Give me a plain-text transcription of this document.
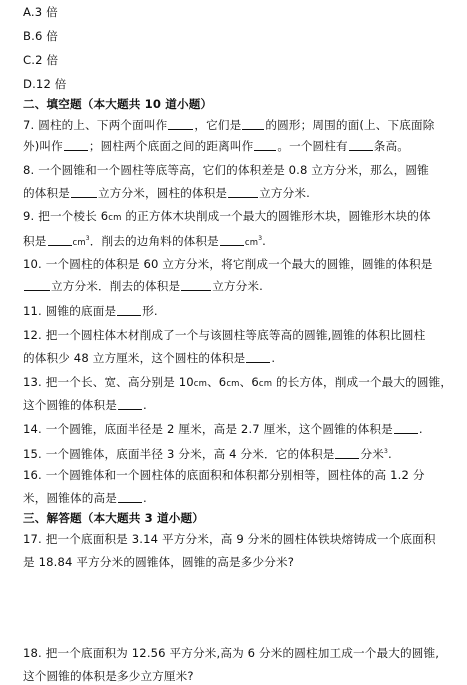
A.3 倍
B.6 倍
C.2 倍
D.12 倍
二、填空题（本大题共 10 道小题）
7. 圆柱的上、下两个面叫作 ，它们是 的圆形；周围的面(上、下底面除
外)叫作 ；圆柱两个底面之间的距离叫作 。一个圆柱有 条高。
8. 一个圆锥和一个圆柱等底等高，它们的体积差是 0.8 立方分米，那么，圆锥
的体积是 立方分米，圆柱的体积是	立方分米.
9. 把一个棱长 6cm 的正方体木块削成一个最大的圆锥形木块，圆锥形木块的体
积是	$cm^3$．削去的边角料的体积是	$cm^3$.
10. 一个圆柱的体积是 60 立方分米，将它削成一个最大的圆锥，圆锥的体积是
立方分米．削去的体积是	立方分米.
11. 圆锥的底面是 形.
12. 把一个圆柱体木材削成了一个与该圆柱等底等高的圆锥,圆锥的体积比圆柱
的体积少 48 立方厘米，这个圆柱的体积是 .
13. 把一个长、宽、高分别是 10cm、6cm、6cm 的长方体，削成一个最大的圆锥，
这个圆锥的体积是 .
14. 一个圆锥，底面半径是 2 厘米，高是 2.7 厘米，这个圆锥的体积是 .
15. 一个圆锥体，底面半径 3 分米，高 4 分米．它的体积是 分米$^3$.
16. 一个圆锥体和一个圆柱体的底面积和体积都分别相等，圆柱体的高 1.2 分
米，圆锥体的高是 .
三、解答题（本大题共 3 道小题）
17. 把一个底面积是 3.14 平方分米，高 9 分米的圆柱体铁块熔铸成一个底面积
是 18.84 平方分米的圆锥体，圆锥的高是多少分米?
18. 把一个底面积为 12.56 平方分米,高为 6 分米的圆柱加工成一个最大的圆锥,
这个圆锥的体积是多少立方厘米?
